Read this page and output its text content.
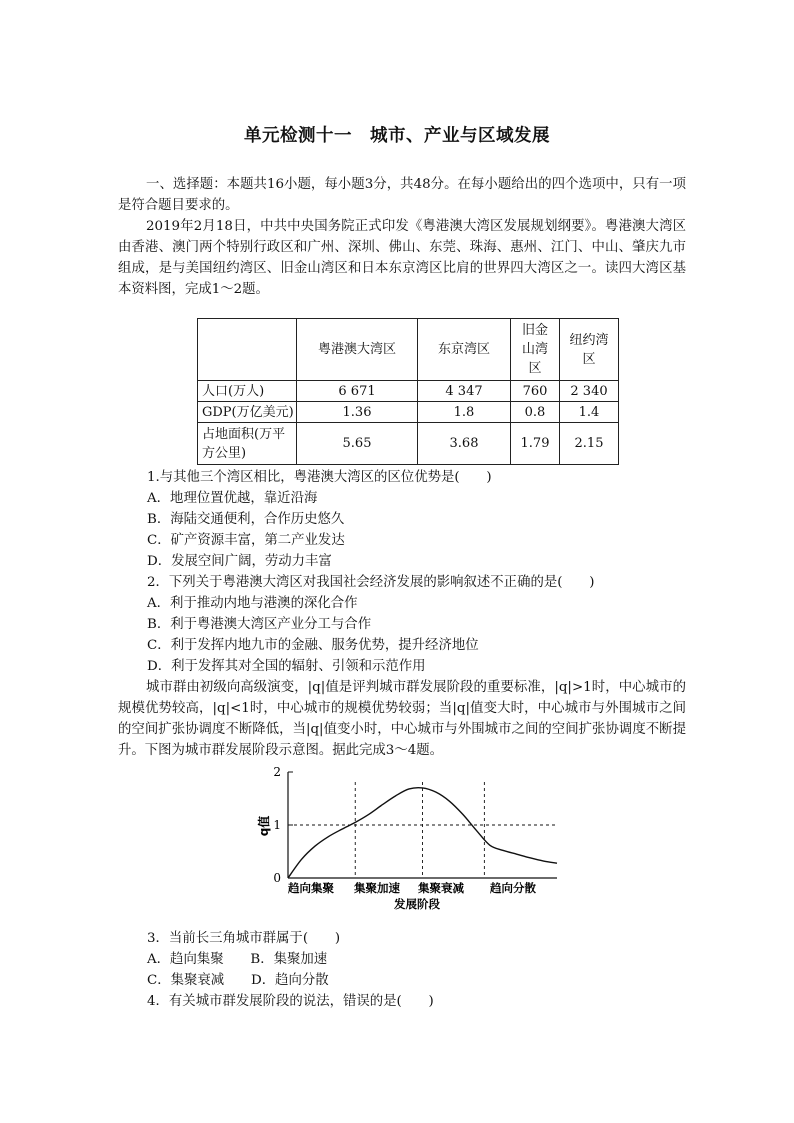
单元检测十一　城市、产业与区域发展

一、选择题：本题共16小题，每小题3分，共48分。在每小题给出的四个选项中，只有一项是符合题目要求的。

2019年2月18日，中共中央国务院正式印发《粤港澳大湾区发展规划纲要》。粤港澳大湾区由香港、澳门两个特别行政区和广州、深圳、佛山、东莞、珠海、惠州、江门、中山、肇庆九市组成，是与美国纽约湾区、旧金山湾区和日本东京湾区比肩的世界四大湾区之一。读四大湾区基本资料图，完成1～2题。

	粤港澳大湾区	东京湾区	旧金山湾区	纽约湾区
人口(万人)	6 671	4 347	760	2 340
GDP(万亿美元)	1.36	1.8	0.8	1.4
占地面积(万平方公里)	5.65	3.68	1.79	2.15

1.与其他三个湾区相比，粤港澳大湾区的区位优势是(　　)

A．地理位置优越，靠近沿海

B．海陆交通便利，合作历史悠久

C．矿产资源丰富，第二产业发达

D．发展空间广阔，劳动力丰富

2．下列关于粤港澳大湾区对我国社会经济发展的影响叙述不正确的是(　　)

A．利于推动内地与港澳的深化合作

B．利于粤港澳大湾区产业分工与合作

C．利于发挥内地九市的金融、服务优势，提升经济地位

D．利于发挥其对全国的辐射、引领和示范作用

城市群由初级向高级演变，|q|值是评判城市群发展阶段的重要标准，|q|>1时，中心城市的规模优势较高，|q|<1时，中心城市的规模优势较弱；当|q|值变大时，中心城市与外围城市之间的空间扩张协调度不断降低，当|q|值变小时，中心城市与外围城市之间的空间扩张协调度不断提升。下图为城市群发展阶段示意图。据此完成3～4题。

2
1
0
q值
趋向集聚 集聚加速 集聚衰减 趋向分散
发展阶段

3．当前长三角城市群属于(　　)

A．趋向集聚　　B．集聚加速

C．集聚衰减　　D．趋向分散

4．有关城市群发展阶段的说法，错误的是(　　)
